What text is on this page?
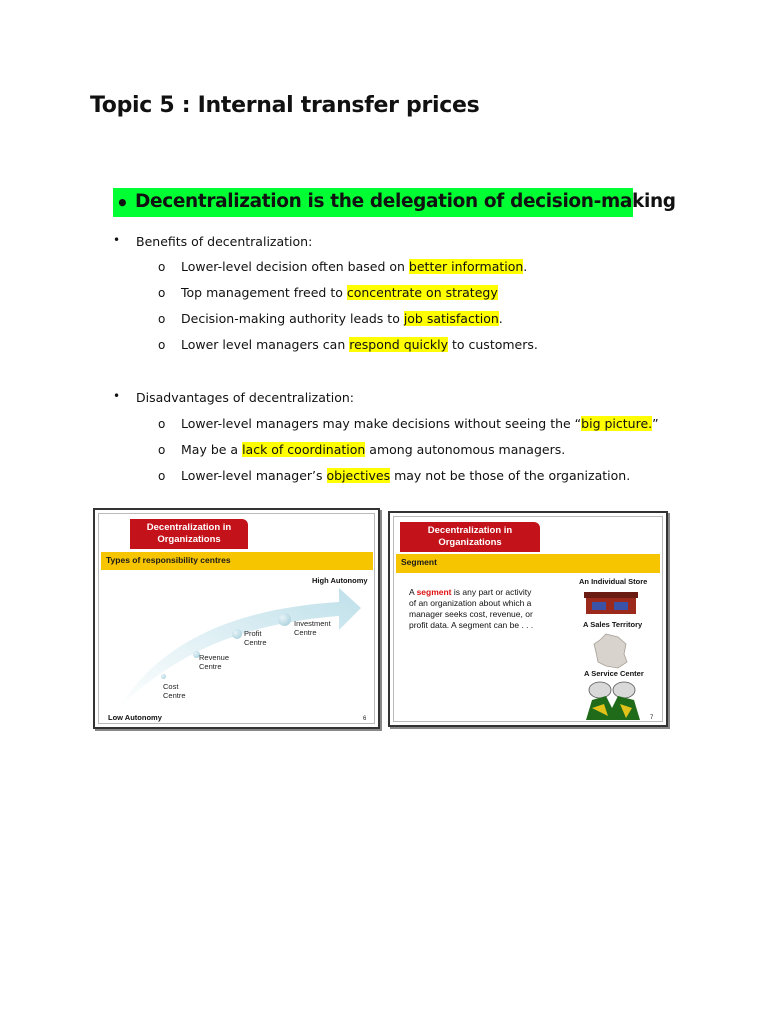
Topic 5 : Internal transfer prices
• Decentralization is the delegation of decision-making
• Benefits of decentralization:
o Lower-level decision often based on better information.
o Top management freed to concentrate on strategy
o Decision-making authority leads to job satisfaction.
o Lower level managers can respond quickly to customers.
• Disadvantages of decentralization:
o Lower-level managers may make decisions without seeing the “big picture.”
o May be a lack of coordination among autonomous managers.
o Lower-level manager’s objectives may not be those of the organization.
Decentralization in Organizations
Types of responsibility centres
High Autonomy
Investment Centre
Profit Centre
Revenue Centre
Cost Centre
Low Autonomy	6
Decentralization in Organizations
Segment
A segment is any part or activity of an organization about which a manager seeks cost, revenue, or profit data. A segment can be . . .
An Individual Store
A Sales Territory
A Service Center
7
